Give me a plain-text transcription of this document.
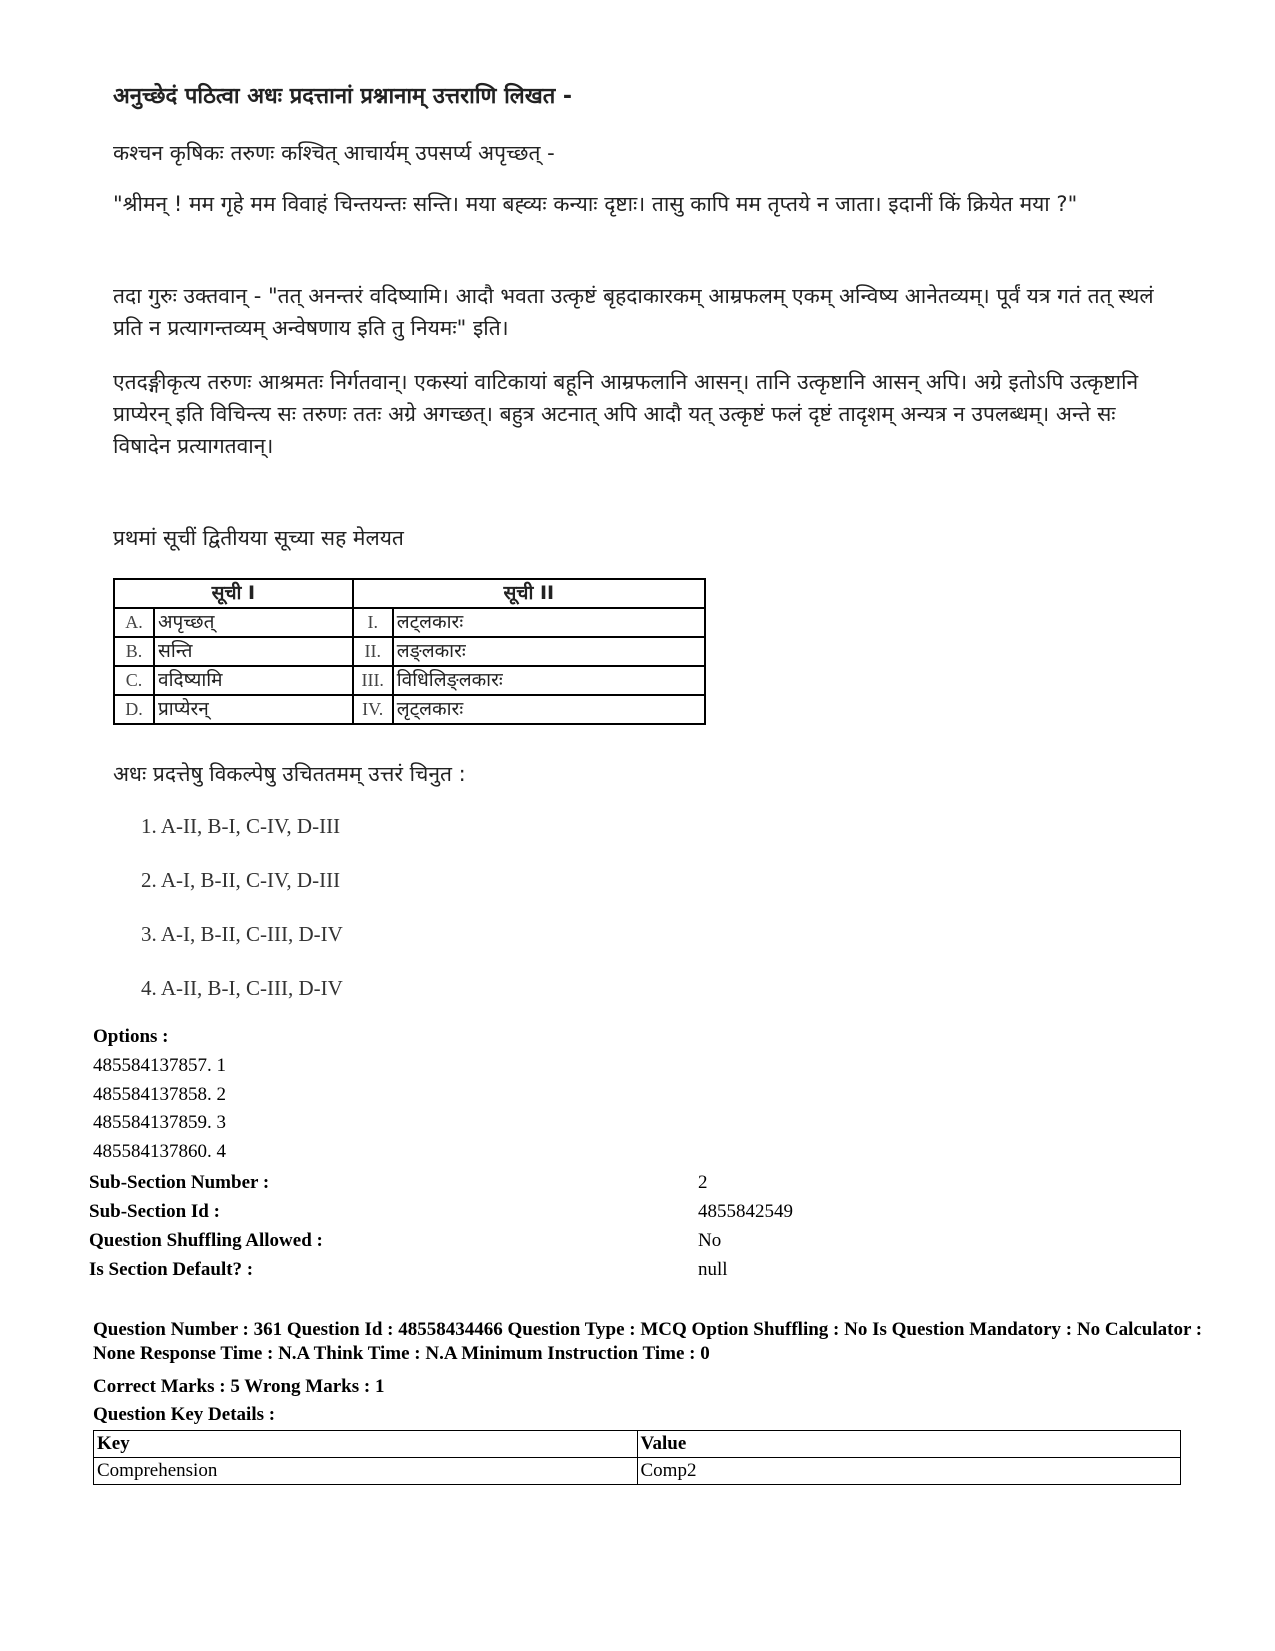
अनुच्छेदं पठित्वा अधः प्रदत्तानां प्रश्नानाम् उत्तराणि लिखत -

कश्चन कृषिकः तरुणः कश्चित् आचार्यम् उपसर्प्य अपृच्छत् -

"श्रीमन् ! मम गृहे मम विवाहं चिन्तयन्तः सन्ति। मया बह्व्यः कन्याः दृष्टाः। तासु कापि मम तृप्तये न जाता। इदानीं किं क्रियेत मया ?"

तदा गुरुः उक्तवान् - "तत् अनन्तरं वदिष्यामि। आदौ भवता उत्कृष्टं बृहदाकारकम् आम्रफलम् एकम् अन्विष्य आनेतव्यम्। पूर्वं यत्र गतं तत् स्थलं प्रति न प्रत्यागन्तव्यम् अन्वेषणाय इति तु नियमः" इति।

एतदङ्गीकृत्य तरुणः आश्रमतः निर्गतवान्। एकस्यां वाटिकायां बहूनि आम्रफलानि आसन्। तानि उत्कृष्टानि आसन् अपि। अग्रे इतोऽपि उत्कृष्टानि प्राप्येरन् इति विचिन्त्य सः तरुणः ततः अग्रे अगच्छत्। बहुत्र अटनात् अपि आदौ यत् उत्कृष्टं फलं दृष्टं तादृशम् अन्यत्र न उपलब्धम्। अन्ते सः विषादेन प्रत्यागतवान्।

प्रथमां सूचीं द्वितीयया सूच्या सह मेलयत
सूची I		सूची II	
A.	अपृच्छत्	I.	लट्लकारः
B.	सन्ति	II.	लङ्लकारः
C.	वदिष्यामि	III.	विधिलिङ्लकारः
D.	प्राप्येरन्	IV.	लृट्लकारः
अधः प्रदत्तेषु विकल्पेषु उचिततमम् उत्तरं चिनुत :
1. A-II, B-I, C-IV, D-III
2. A-I, B-II, C-IV, D-III
3. A-I, B-II, C-III, D-IV
4. A-II, B-I, C-III, D-IV
Options :
485584137857. 1
485584137858. 2
485584137859. 3
485584137860. 4
Sub-Section Number :	2
Sub-Section Id :	4855842549
Question Shuffling Allowed :	No
Is Section Default? :	null
Question Number : 361 Question Id : 48558434466 Question Type : MCQ Option Shuffling : No Is Question Mandatory : No Calculator : None Response Time : N.A Think Time : N.A Minimum Instruction Time : 0
Correct Marks : 5 Wrong Marks : 1
Question Key Details :
Key	Value
Comprehension	Comp2
